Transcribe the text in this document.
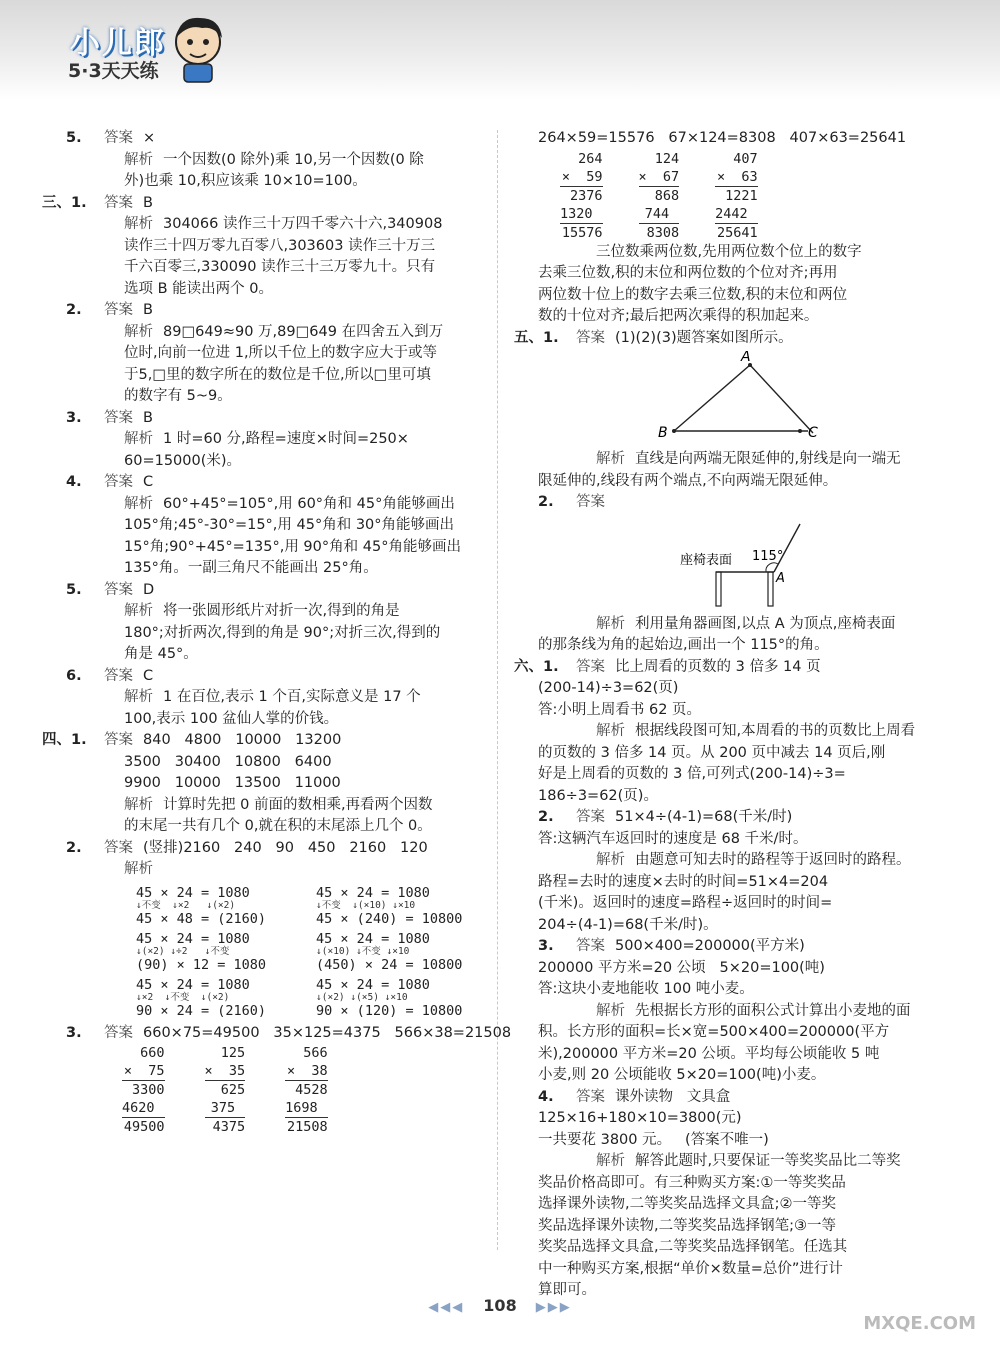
小儿郎
5·3天天练

5. 答案 ×

解析 一个因数(0 除外)乘 10,另一个因数(0 除

外)也乘 10,积应该乘 10×10=100。

三、1. 答案 B

解析 304066 读作三十万四千零六十六,340908

读作三十四万零九百零八,303603 读作三十万三

千六百零三,330090 读作三十三万零九十。只有

选项 B 能读出两个 0。

2. 答案 B

解析 89□649≈90 万,89□649 在四舍五入到万

位时,向前一位进 1,所以千位上的数字应大于或等

于5,□里的数字所在的数位是千位,所以□里可填

的数字有 5~9。

3. 答案 B

解析 1 时=60 分,路程=速度×时间=250×

60=15000(米)。

4. 答案 C

解析 60°+45°=105°,用 60°角和 45°角能够画出

105°角;45°-30°=15°,用 45°角和 30°角能够画出

15°角;90°+45°=135°,用 90°角和 45°角能够画出

135°角。一副三角尺不能画出 25°角。

5. 答案 D

解析 将一张圆形纸片对折一次,得到的角是

180°;对折两次,得到的角是 90°;对折三次,得到的

角是 45°。

6. 答案 C

解析 1 在百位,表示 1 个百,实际意义是 17 个

100,表示 100 盆仙人掌的价钱。

四、1. 答案 840   4800   10000   13200

3500   30400   10800   6400

9900   10000   13500   11000

解析 计算时先把 0 前面的数相乘,再看两个因数

的末尾一共有几个 0,就在积的末尾添上几个 0。

2. 答案 (竖排)2160   240   90   450   2160   120

解析

45 × 24 = 1080
↓不变  ↓×2   ↓(×2)
45 × 48 = (2160)
45 × 24 = 1080
↓不变  ↓(×10) ↓×10
45 × (240) = 10800
45 × 24 = 1080
↓(×2) ↓÷2   ↓不变
(90) × 12 = 1080
45 × 24 = 1080
↓(×10) ↓不变 ↓×10
(450) × 24 = 10800
45 × 24 = 1080
↓×2  ↓不变  ↓(×2)
90 × 24 = (2160)
45 × 24 = 1080
↓(×2) ↓(×5) ↓×10
90 × (120) = 10800

3. 答案 660×75=49500   35×125=4375   566×38=21508

660
×  75
3300
4620
49500
125
×  35
625
375
4375
566
×  38
4528
1698
21508

264×59=15576   67×124=8308   407×63=25641

264
×  59
2376
1320
15576
124
×  67
868
744
8308
407
×  63
1221
2442
25641

三位数乘两位数,先用两位数个位上的数字

去乘三位数,积的末位和两位数的个位对齐;再用

两位数十位上的数字去乘三位数,积的末位和两位

数的十位对齐;最后把两次乘得的积加起来。

五、1. 答案 (1)(2)(3)题答案如图所示。

A
B	C

解析 直线是向两端无限延伸的,射线是向一端无

限延伸的,线段有两个端点,不向两端无限延伸。

2. 答案

座椅表面 115°
A

解析 利用量角器画图,以点 A 为顶点,座椅表面

的那条线为角的起始边,画出一个 115°的角。

六、1. 答案 比上周看的页数的 3 倍多 14 页

(200-14)÷3=62(页)

答:小明上周看书 62 页。

解析 根据线段图可知,本周看的书的页数比上周看

的页数的 3 倍多 14 页。从 200 页中减去 14 页后,刚

好是上周看的页数的 3 倍,可列式(200-14)÷3=

186÷3=62(页)。

2. 答案 51×4÷(4-1)=68(千米/时)

答:这辆汽车返回时的速度是 68 千米/时。

解析 由题意可知去时的路程等于返回时的路程。

路程=去时的速度×去时的时间=51×4=204

(千米)。返回时的速度=路程÷返回时的时间=

204÷(4-1)=68(千米/时)。

3. 答案 500×400=200000(平方米)

200000 平方米=20 公顷   5×20=100(吨)

答:这块小麦地能收 100 吨小麦。

解析 先根据长方形的面积公式计算出小麦地的面

积。长方形的面积=长×宽=500×400=200000(平方

米),200000 平方米=20 公顷。平均每公顷能收 5 吨

小麦,则 20 公顷能收 5×20=100(吨)小麦。

4. 答案 课外读物   文具盒

125×16+180×10=3800(元)

一共要花 3800 元。   (答案不唯一)

解析 解答此题时,只要保证一等奖奖品比二等奖

奖品价格高即可。有三种购买方案:①一等奖奖品

选择课外读物,二等奖奖品选择文具盒;②一等奖

奖品选择课外读物,二等奖奖品选择钢笔;③一等

奖奖品选择文具盒,二等奖奖品选择钢笔。任选其

中一种购买方案,根据“单价×数量=总价”进行计

算即可。

◀◀◀ 108 ▶▶▶
MXQE.COM
